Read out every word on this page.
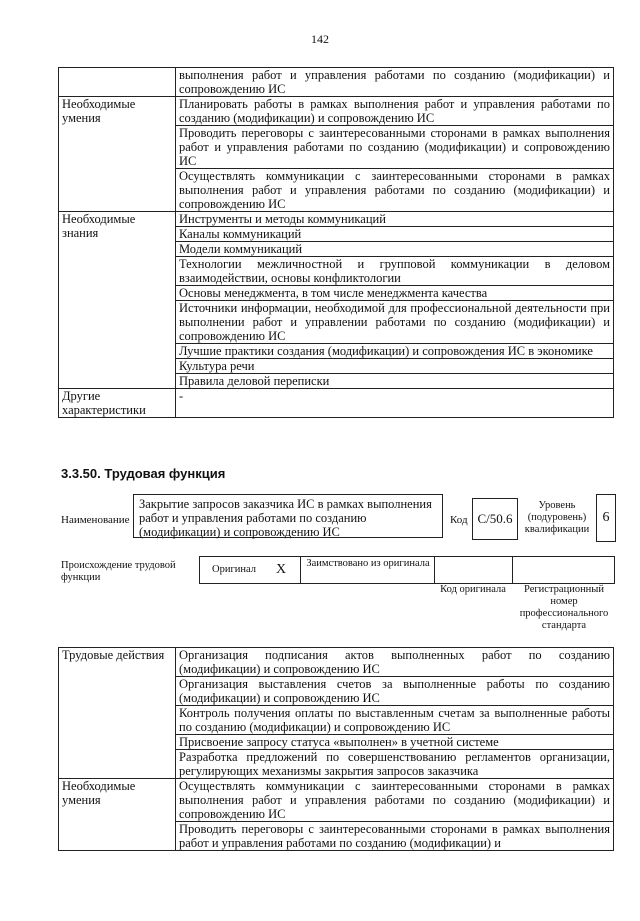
142
	выполнения работ и управления работами по созданию (модификации) и сопровождению ИС
Необходимые умения	Планировать работы в рамках выполнения работ и управления работами по созданию (модификации) и сопровождению ИС
	Проводить переговоры с заинтересованными сторонами в рамках выполнения работ и управления работами по созданию (модификации) и сопровождению ИС
	Осуществлять коммуникации с заинтересованными сторонами в рамках выполнения работ и управления работами по созданию (модификации) и сопровождению ИС
Необходимые знания	Инструменты и методы коммуникаций
	Каналы коммуникаций
	Модели коммуникаций
	Технологии межличностной и групповой коммуникации в деловом взаимодействии, основы конфликтологии
	Основы менеджмента, в том числе менеджмента качества
	Источники информации, необходимой для профессиональной деятельности при выполнении работ и управлении работами по созданию (модификации) и сопровождению ИС
	Лучшие практики создания (модификации) и сопровождения ИС в экономике
	Культура речи
	Правила деловой переписки
Другие характеристики	-
3.3.50. Трудовая функция
Наименование
Закрытие запросов заказчика ИС в рамках выполнения работ и управления работами по созданию (модификации) и сопровождению ИС
Код С/50.6
Уровень (подуровень) квалификации
6
Происхождение трудовой функции
Оригинал X Заимствовано из оригинала
Код оригинала	Регистрационный номер профессионального стандарта
Трудовые действия	Организация подписания актов выполненных работ по созданию (модификации) и сопровождению ИС
	Организация выставления счетов за выполненные работы по созданию (модификации) и сопровождению ИС
	Контроль получения оплаты по выставленным счетам за выполненные работы по созданию (модификации) и сопровождению ИС
	Присвоение запросу статуса «выполнен» в учетной системе
	Разработка предложений по совершенствованию регламентов организации, регулирующих механизмы закрытия запросов заказчика
Необходимые умения	Осуществлять коммуникации с заинтересованными сторонами в рамках выполнения работ и управления работами по созданию (модификации) и сопровождению ИС
	Проводить переговоры с заинтересованными сторонами в рамках выполнения работ и управления работами по созданию (модификации) и
